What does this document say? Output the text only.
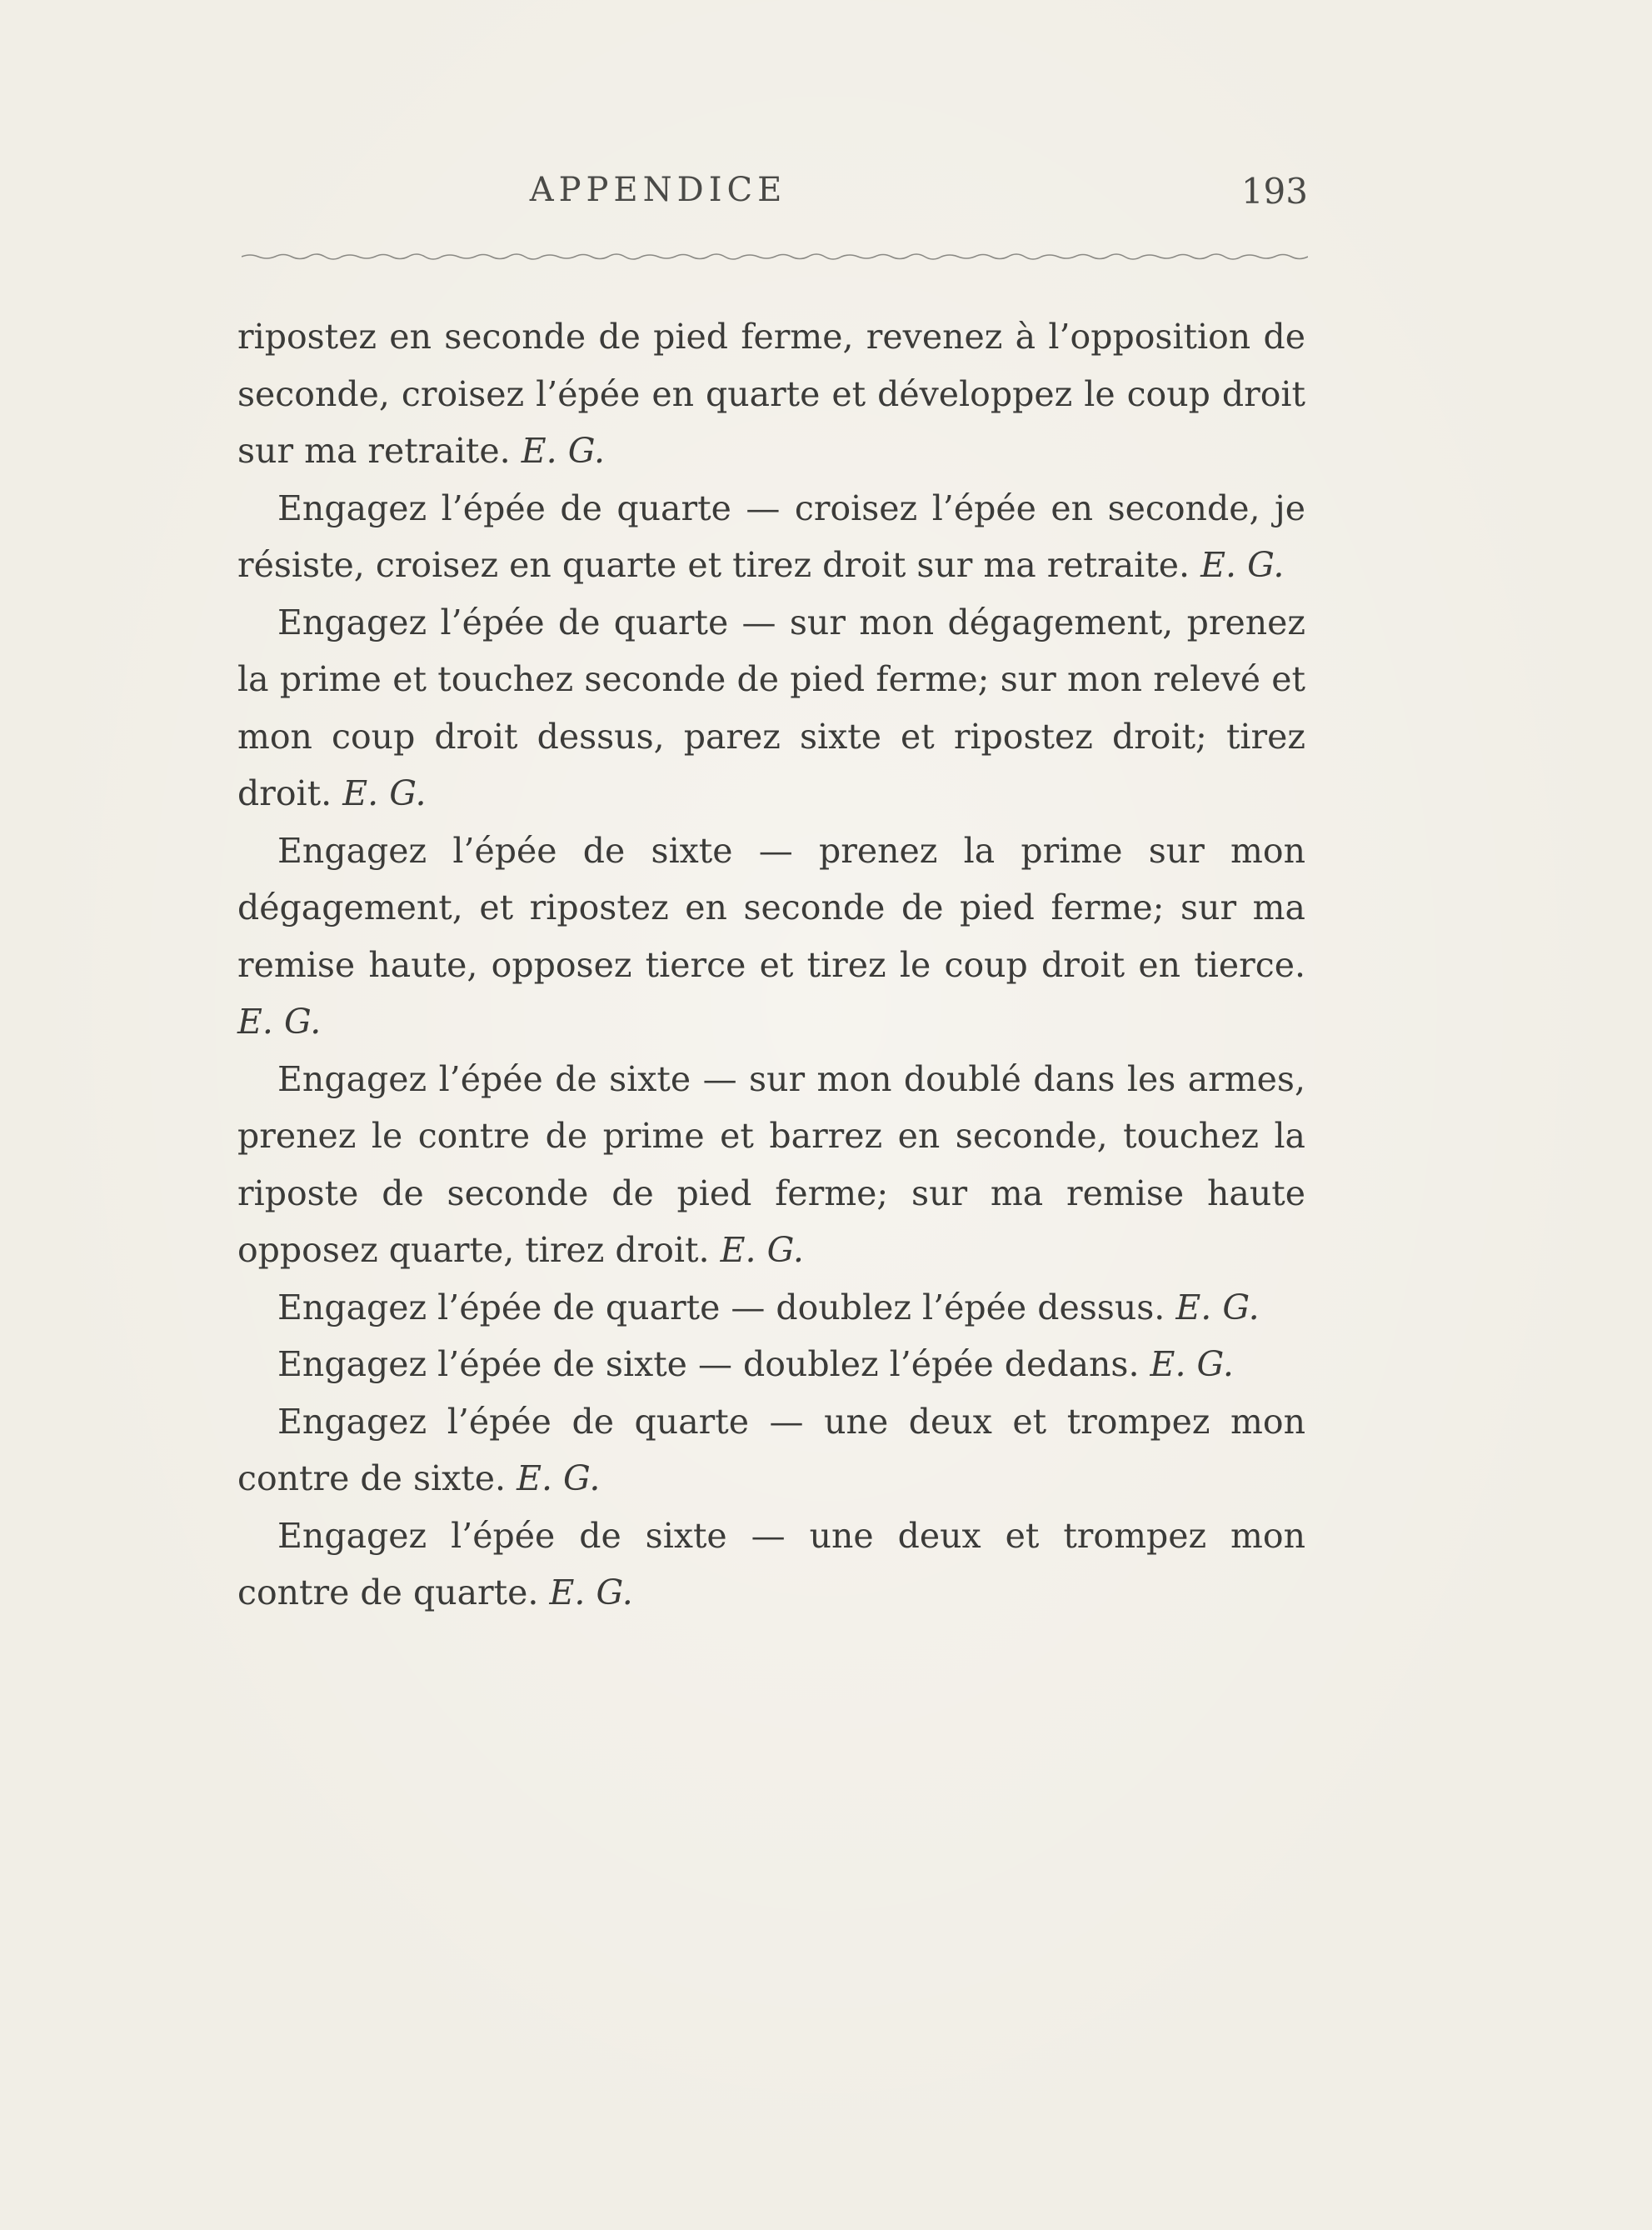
APPENDICE	193

ripostez en seconde de pied ferme, revenez à l’opposition de seconde, croisez l’épée en quarte et développez le coup droit sur ma retraite. E. G.

Engagez l’épée de quarte — croisez l’épée en seconde, je résiste, croisez en quarte et tirez droit sur ma retraite. E. G.

Engagez l’épée de quarte — sur mon dégagement, prenez la prime et touchez seconde de pied ferme; sur mon relevé et mon coup droit dessus, parez sixte et ripostez droit; tirez droit. E. G.

Engagez l’épée de sixte — prenez la prime sur mon dégagement, et ripostez en seconde de pied ferme; sur ma remise haute, opposez tierce et tirez le coup droit en tierce. E. G.

Engagez l’épée de sixte — sur mon doublé dans les armes, prenez le contre de prime et barrez en seconde, touchez la riposte de seconde de pied ferme; sur ma remise haute opposez quarte, tirez droit. E. G.

Engagez l’épée de quarte — doublez l’épée dessus. E. G.

Engagez l’épée de sixte — doublez l’épée dedans. E. G.

Engagez l’épée de quarte — une deux et trompez mon contre de sixte. E. G.

Engagez l’épée de sixte — une deux et trompez mon contre de quarte. E. G.
